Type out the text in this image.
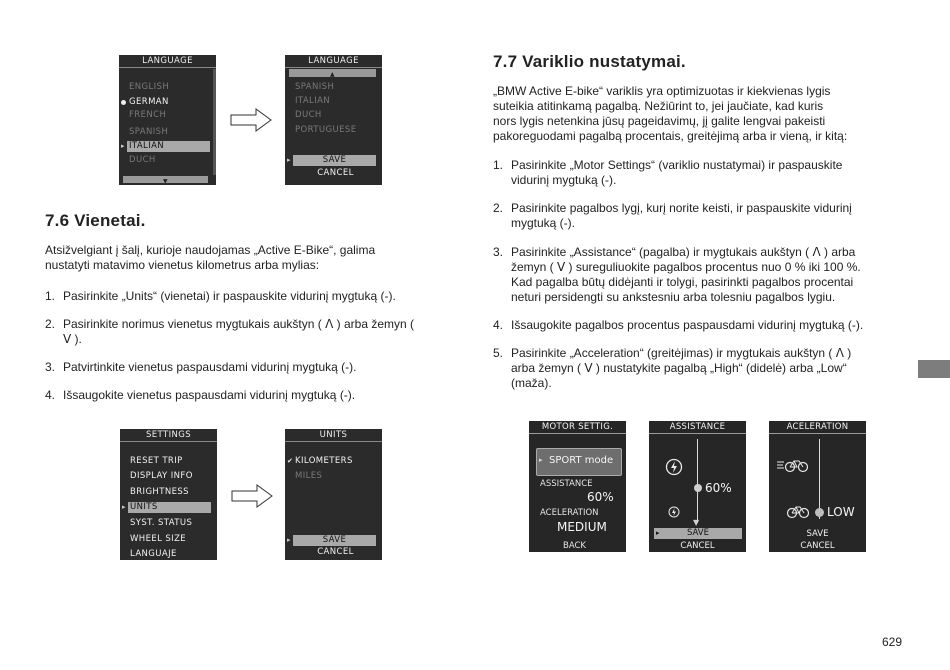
LANGUAGE
ENGLISH
GERMAN
FRENCH
SPANISH
▸ ITALIAN
DUCH
▼
LANGUAGE
▲
SPANISH
ITALIAN
DUCH
PORTUGUESE
▸	SAVE
CANCEL
7.6 Vienetai.
Atsižvelgiant į šalį, kurioje naudojamas „Active E-Bike“, galima
nustatyti matavimo vienetus kilometrus arba mylias:
1. Pasirinkite „Units“ (vienetai) ir paspauskite vidurinį mygtuką (-).
2. Pasirinkite norimus vienetus mygtukais aukštyn ( ᐱ ) arba žemyn (
ᐯ ).
3. Patvirtinkite vienetus paspausdami vidurinį mygtuką (-).
4. Išsaugokite vienetus paspausdami vidurinį mygtuką (-).
SETTINGS
RESET TRIP
DISPLAY INFO
BRIGHTNESS
▸ UNITS
SYST. STATUS
WHEEL SIZE
LANGUAJE
UNITS
✔ KILOMETERS
MILES
▸	SAVE
CANCEL
7.7 Variklio nustatymai.
„BMW Active E-bike“ variklis yra optimizuotas ir kiekvienas lygis
suteikia atitinkamą pagalbą. Nežiūrint to, jei jaučiate, kad kuris
nors lygis netenkina jūsų pageidavimų, jį galite lengvai pakeisti
pakoreguodami pagalbą procentais, greitėjimą arba ir vieną, ir kitą:
1. Pasirinkite „Motor Settings“ (variklio nustatymai) ir paspauskite
vidurinį mygtuką (-).
2. Pasirinkite pagalbos lygį, kurį norite keisti, ir paspauskite vidurinį
mygtuką (-).
3. Pasirinkite „Assistance“ (pagalba) ir mygtukais aukštyn ( ᐱ ) arba
žemyn ( ᐯ ) sureguliuokite pagalbos procentus nuo 0 % iki 100 %.
Kad pagalba būtų didėjanti ir tolygi, pasirinkti pagalbos procentai
neturi persidengti su ankstesniu arba tolesniu pagalbos lygiu.
4. Išsaugokite pagalbos procentus paspausdami vidurinį mygtuką (-).
5. Pasirinkite „Acceleration“ (greitėjimas) ir mygtukais aukštyn ( ᐱ )
arba žemyn ( ᐯ ) nustatykite pagalbą „High“ (didelė) arba „Low“
(maža).
MOTOR SETTIG.
▸ SPORT mode
ASSISTANCE
60%
ACELERATION
MEDIUM
BACK
ASSISTANCE
60%
▼
▸	SAVE
CANCEL
ACELERATION
LOW
SAVE
CANCEL
629
